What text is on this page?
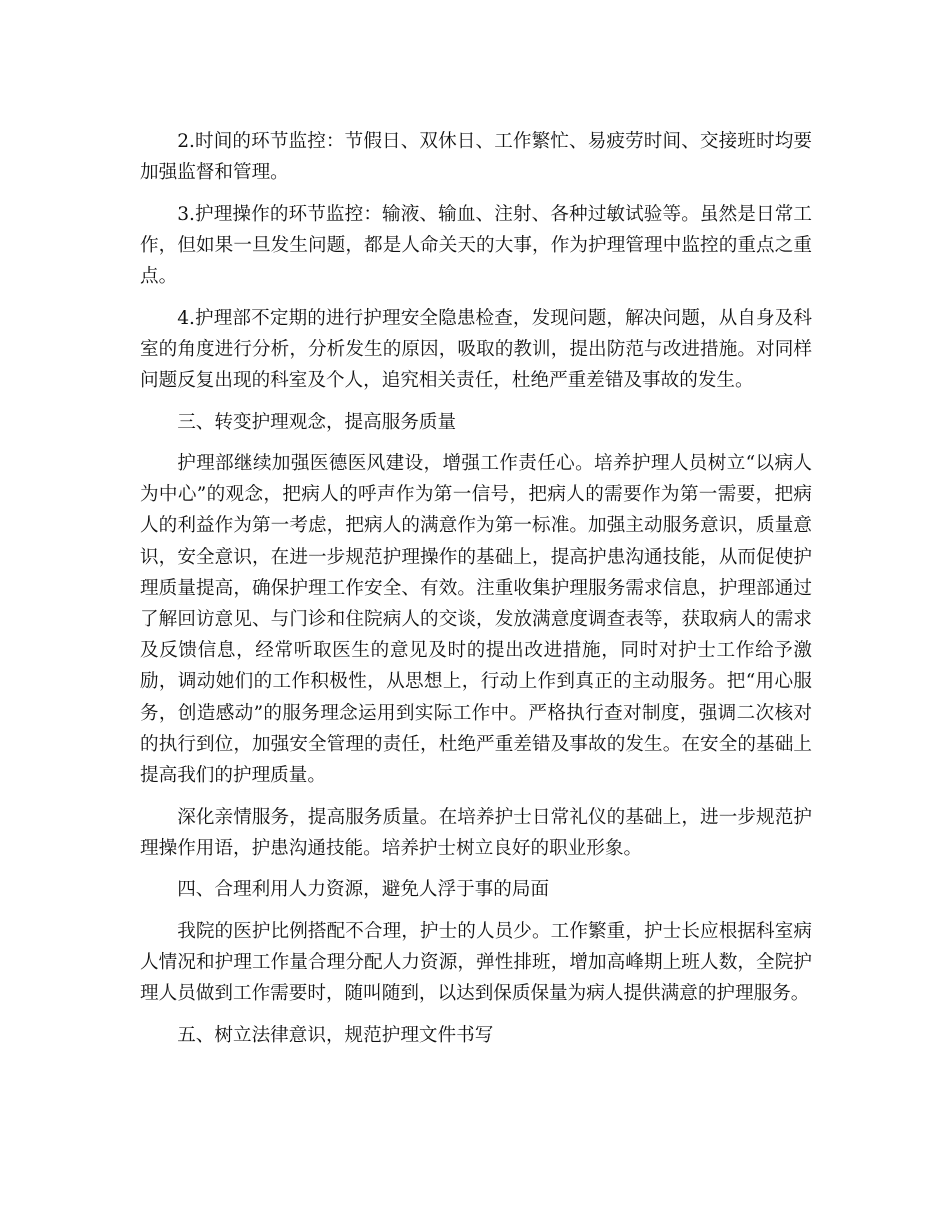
2.时间的环节监控：节假日、双休日、工作繁忙、易疲劳时间、交接班时均要加强监督和管理。

3.护理操作的环节监控：输液、输血、注射、各种过敏试验等。虽然是日常工作，但如果一旦发生问题，都是人命关天的大事，作为护理管理中监控的重点之重点。

4.护理部不定期的进行护理安全隐患检查，发现问题，解决问题，从自身及科室的角度进行分析，分析发生的原因，吸取的教训，提出防范与改进措施。对同样问题反复出现的科室及个人，追究相关责任，杜绝严重差错及事故的发生。

三、转变护理观念，提高服务质量

护理部继续加强医德医风建设，增强工作责任心。培养护理人员树立“以病人为中心”的观念，把病人的呼声作为第一信号，把病人的需要作为第一需要，把病人的利益作为第一考虑，把病人的满意作为第一标准。加强主动服务意识，质量意识，安全意识，在进一步规范护理操作的基础上，提高护患沟通技能，从而促使护理质量提高，确保护理工作安全、有效。注重收集护理服务需求信息，护理部通过了解回访意见、与门诊和住院病人的交谈，发放满意度调查表等，获取病人的需求及反馈信息，经常听取医生的意见及时的提出改进措施，同时对护士工作给予激励，调动她们的工作积极性，从思想上，行动上作到真正的主动服务。把“用心服务，创造感动”的服务理念运用到实际工作中。严格执行查对制度，强调二次核对的执行到位，加强安全管理的责任，杜绝严重差错及事故的发生。在安全的基础上提高我们的护理质量。

深化亲情服务，提高服务质量。在培养护士日常礼仪的基础上，进一步规范护理操作用语，护患沟通技能。培养护士树立良好的职业形象。

四、合理利用人力资源，避免人浮于事的局面

我院的医护比例搭配不合理，护士的人员少。工作繁重，护士长应根据科室病人情况和护理工作量合理分配人力资源，弹性排班，增加高峰期上班人数，全院护理人员做到工作需要时，随叫随到，以达到保质保量为病人提供满意的护理服务。

五、树立法律意识，规范护理文件书写
